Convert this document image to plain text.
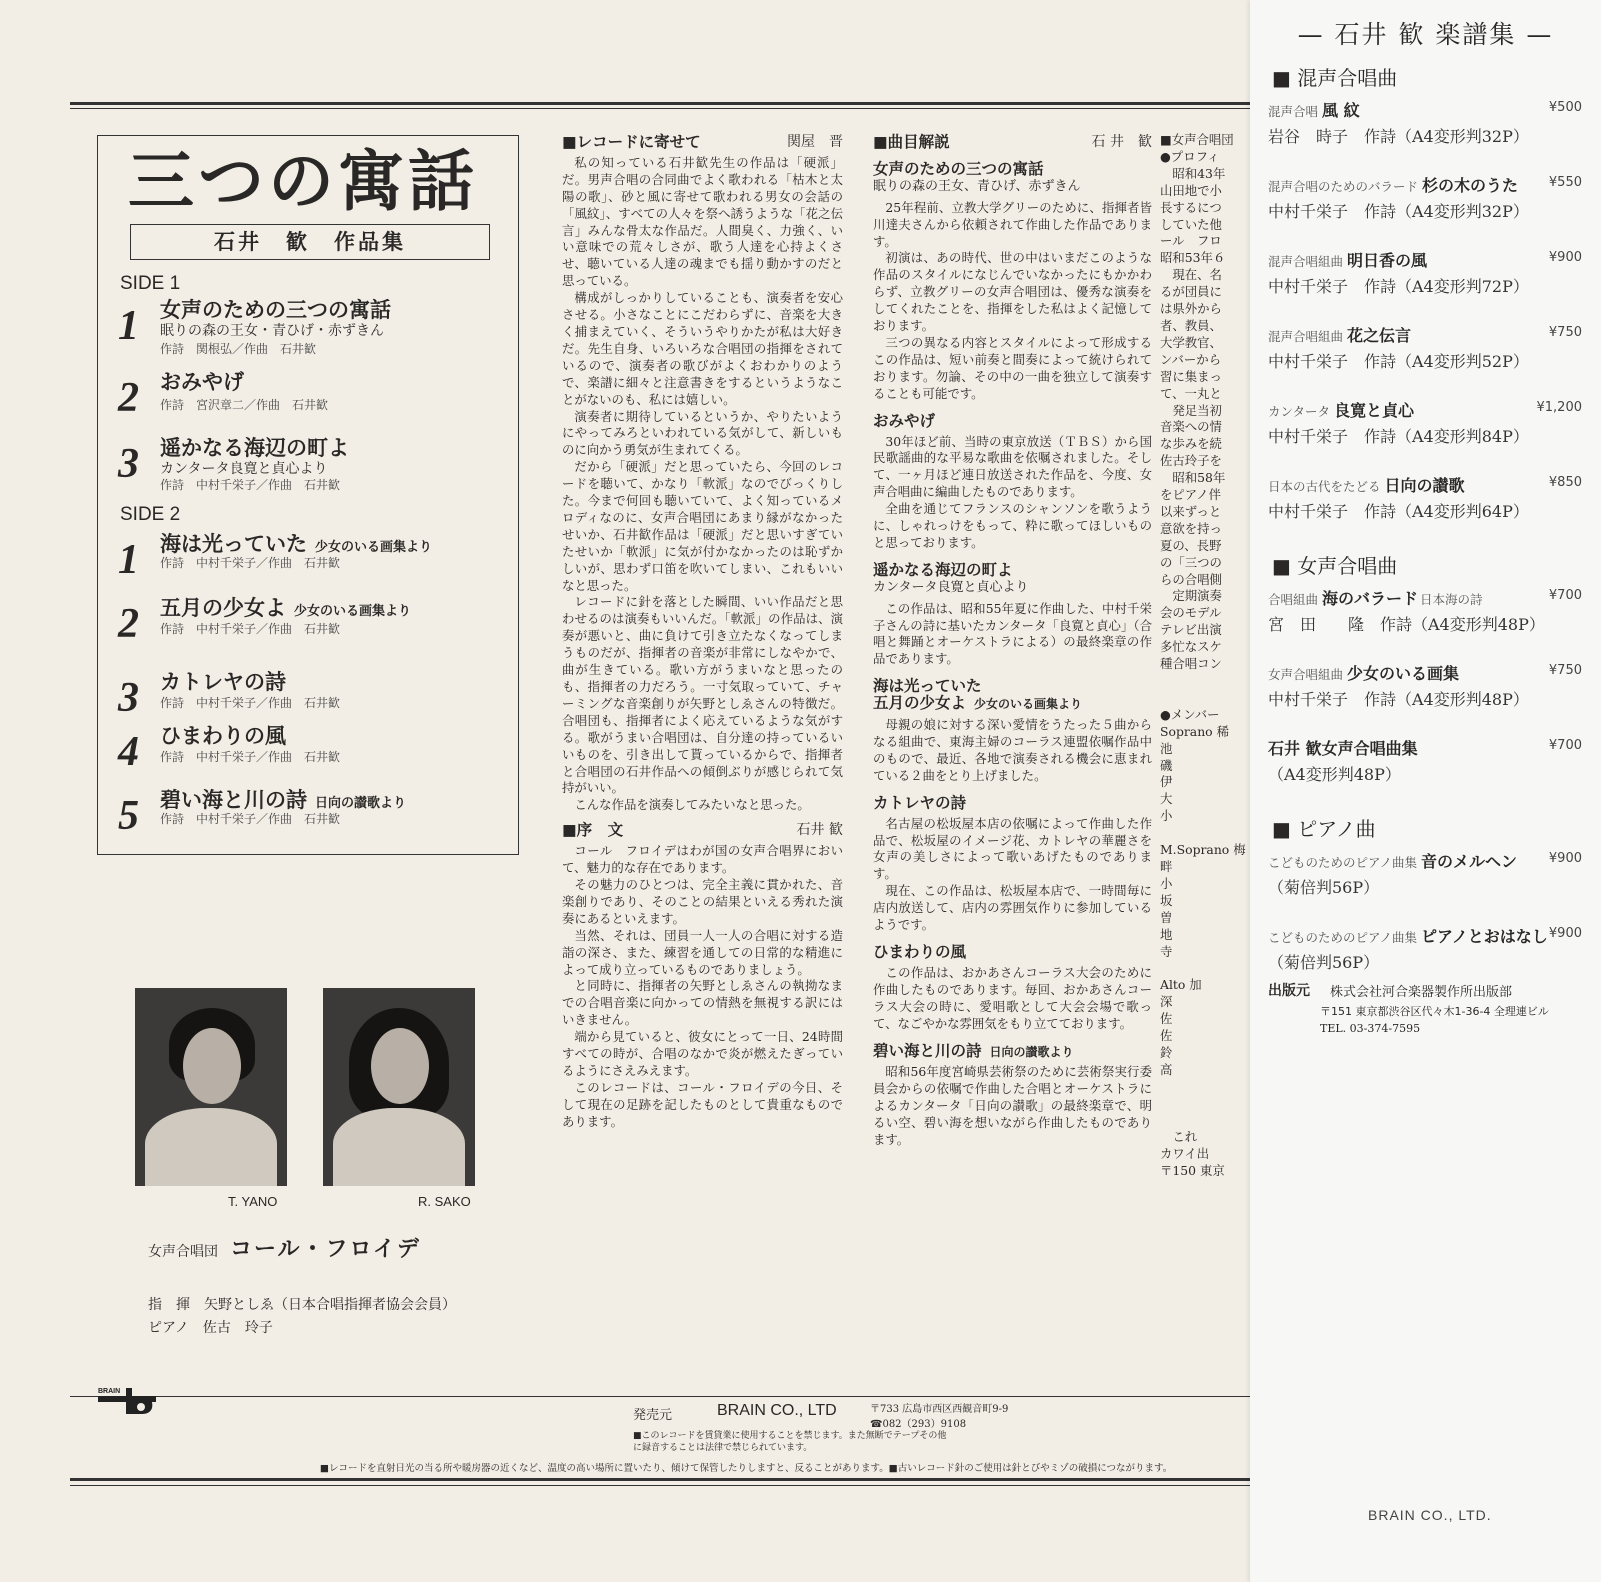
三つの寓話
石井　歓　作品集
SIDE 1
1 女声のための三つの寓話
眠りの森の王女・青ひげ・赤ずきん
作詩　関根弘／作曲　石井歓
2 おみやげ
作詩　宮沢章二／作曲　石井歓
3 遥かなる海辺の町よ
カンタータ良寛と貞心より
作詩　中村千栄子／作曲　石井歓
SIDE 2
1 海は光っていた 少女のいる画集より
作詩　中村千栄子／作曲　石井歓
2 五月の少女よ 少女のいる画集より
作詩　中村千栄子／作曲　石井歓
3 カトレヤの詩
作詩　中村千栄子／作曲　石井歓
4 ひまわりの風
作詩　中村千栄子／作曲　石井歓
5 碧い海と川の詩 日向の讃歌より
作詩　中村千栄子／作曲　石井歓
T. YANO	R. SAKO
女声合唱団 コール・フロイデ
指　揮　矢野としゑ（日本合唱指揮者協会会員）
ピアノ　佐古　玲子
■レコードに寄せて	関屋　晋

私の知っている石井歓先生の作品は「硬派」だ。男声合唱の合同曲でよく歌われる「枯木と太陽の歌」、砂と風に寄せて歌われる男女の会話の「風紋」、すべての人々を祭へ誘うような「花之伝言」みんな骨太な作品だ。人間臭く、力強く、いい意味での荒々しさが、歌う人達を心持よくさせ、聴いている人達の魂までも揺り動かすのだと思っている。

構成がしっかりしていることも、演奏者を安心させる。小さなことにこだわらずに、音楽を大きく捕まえていく、そういうやりかたが私は大好きだ。先生自身、いろいろな合唱団の指揮をされているので、演奏者の歌びがよくおわかりのようで、楽譜に細々と注意書きをするというようなことがないのも、私には嬉しい。

演奏者に期待しているというか、やりたいようにやってみろといわれている気がして、新しいものに向かう勇気が生まれてくる。

だから「硬派」だと思っていたら、今回のレコードを聴いて、かなり「軟派」なのでびっくりした。今まで何回も聴いていて、よく知っているメロディなのに、女声合唱団にあまり縁がなかったせいか、石井歓作品は「硬派」だと思いすぎていたせいか「軟派」に気が付かなかったのは恥ずかしいが、思わず口笛を吹いてしまい、これもいいなと思った。

レコードに針を落とした瞬間、いい作品だと思わせるのは演奏もいいんだ。「軟派」の作品は、演奏が悪いと、曲に負けて引き立たなくなってしまうものだが、指揮者の音楽が非常にしなやかで、曲が生きている。歌い方がうまいなと思ったのも、指揮者の力だろう。一寸気取っていて、チャーミングな音楽創りが矢野としゑさんの特徴だ。合唱団も、指揮者によく応えているような気がする。歌がうまい合唱団は、自分達の持っているいいものを、引き出して貰っているからで、指揮者と合唱団の石井作品への傾倒ぶりが感じられて気持がいい。

こんな作品を演奏してみたいなと思った。

■序　文	石井 歓

コール　フロイデはわが国の女声合唱界において、魅力的な存在であります。

その魅力のひとつは、完全主義に貫かれた、音楽創りであり、そのことの結果といえる秀れた演奏にあるといえます。

当然、それは、団員一人一人の合唱に対する造詣の深さ、また、練習を通しての日常的な精進によって成り立っているものでありましょう。

と同時に、指揮者の矢野としゑさんの執拗なまでの合唱音楽に向かっての情熱を無視する訳にはいきません。

端から見ていると、彼女にとって一日、24時間すべての時が、合唱のなかで炎が燃えたぎっているようにさえみえます。

このレコードは、コール・フロイデの今日、そして現在の足跡を記したものとして貴重なものであります。

■曲目解説	石 井　歓
女声のための三つの寓話
眠りの森の王女、青ひげ、赤ずきん

25年程前、立教大学グリーのために、指揮者皆川達夫さんから依頼されて作曲した作品であります。

初演は、あの時代、世の中はいまだこのような作品のスタイルになじんでいなかったにもかかわらず、立教グリーの女声合唱団は、優秀な演奏をしてくれたことを、指揮をした私はよく記憶しております。

三つの異なる内容とスタイルによって形成するこの作品は、短い前奏と間奏によって統けられております。勿論、その中の一曲を独立して演奏することも可能です。

おみやげ

30年ほど前、当時の東京放送（ＴＢＳ）から国民歌謡曲的な平易な歌曲を依嘱されました。そして、一ヶ月ほど連日放送された作品を、今度、女声合唱曲に編曲したものであります。

全曲を通じてフランスのシャンソンを歌うように、しゃれっけをもって、粋に歌ってほしいものと思っております。

遥かなる海辺の町よ
カンタータ良寛と貞心より

この作品は、昭和55年夏に作曲した、中村千栄子さんの詩に基いたカンタータ「良寛と貞心」（合唱と舞踊とオーケストラによる）の最終楽章の作品であります。

海は光っていた
五月の少女よ 少女のいる画集より

母親の娘に対する深い愛情をうたった５曲からなる組曲で、東海主婦のコーラス連盟依嘱作品中のもので、最近、各地で演奏される機会に恵まれている２曲をとり上げました。

カトレヤの詩

名古屋の松坂屋本店の依嘱によって作曲した作品で、松坂屋のイメージ花、カトレヤの華麗さを女声の美しさによって歌いあげたものであります。

現在、この作品は、松坂屋本店で、一時間毎に店内放送して、店内の雰囲気作りに参加しているようです。

ひまわりの風

この作品は、おかあさんコーラス大会のために作曲したものであります。毎回、おかあさんコーラス大会の時に、愛唱歌として大会会場で歌って、なごやかな雰囲気をもり立てております。

碧い海と川の詩 日向の讃歌より

昭和56年度宮崎県芸術祭のために芸術祭実行委員会からの依嘱で作曲した合唱とオーケストラによるカンタータ「日向の讃歌」の最終楽章で、明るい空、碧い海を想いながら作曲したものであります。

■女声合唱団
●プロフィ
　昭和43年
山田地で小
長するにつ
していた他
ール　フロ
昭和53年６
　現在、名
るが団員に
は県外から
者、教員、
大学教官、
ンバーから
習に集まっ
て、一丸と
　発足当初
音楽への情
な歩みを続
佐古玲子を
　昭和58年
をピアノ伴
以来ずっと
意欲を持っ
夏の、長野
の「三つの
らの合唱側
　定期演奏
会のモデル
テレビ出演
多忙なスケ
種合唱コン

●メンバー
Soprano 稀
池
磯
伊
大
小

M.Soprano 梅
畔
小
坂
曽
地
寺

Alto 加
深
佐
佐
鈴
高

　これ
カワイ出
〒150 東京
BRAIN
発売元	BRAIN CO., LTD	〒733 広島市西区西観音町9-9
☎082（293）9108
■このレコードを賃貸業に使用することを禁じます。また無断でテープその他に録音することは法律で禁じられています。
■レコードを直射日光の当る所や暖房器の近くなど、温度の高い場所に置いたり、傾けて保管したりしますと、反ることがあります。■古いレコード針のご使用は針とびやミゾの破損につながります。
— 石井 歓 楽譜集 —
■ 混声合唱曲
混声合唱 風 紋	¥500
岩谷　時子　作詩（A4変形判32P）
混声合唱のためのバラード 杉の木のうた ¥550
中村千栄子　作詩（A4変形判32P）
混声合唱組曲 明日香の風	¥900
中村千栄子　作詩（A4変形判72P）
混声合唱組曲 花之伝言	¥750
中村千栄子　作詩（A4変形判52P）
カンタータ 良寛と貞心	¥1,200
中村千栄子　作詩（A4変形判84P）
日本の古代をたどる 日向の讃歌	¥850
中村千栄子　作詩（A4変形判64P）
■ 女声合唱曲
合唱組曲 海のバラード 日本海の詩	¥700
宮　田　　隆　作詩（A4変形判48P）
女声合唱組曲 少女のいる画集	¥750
中村千栄子　作詩（A4変形判48P）
石井 歓女声合唱曲集	¥700
（A4変形判48P）
■ ピアノ曲
こどものためのピアノ曲集 音のメルヘン ¥900
（菊倍判56P）
こどものためのピアノ曲集 ピアノとおはなし ¥900
（菊倍判56P）
出版元 株式会社河合楽器製作所出版部
〒151 東京都渋谷区代々木1-36-4 全理連ビル
TEL. 03-374-7595
BRAIN CO., LTD.
